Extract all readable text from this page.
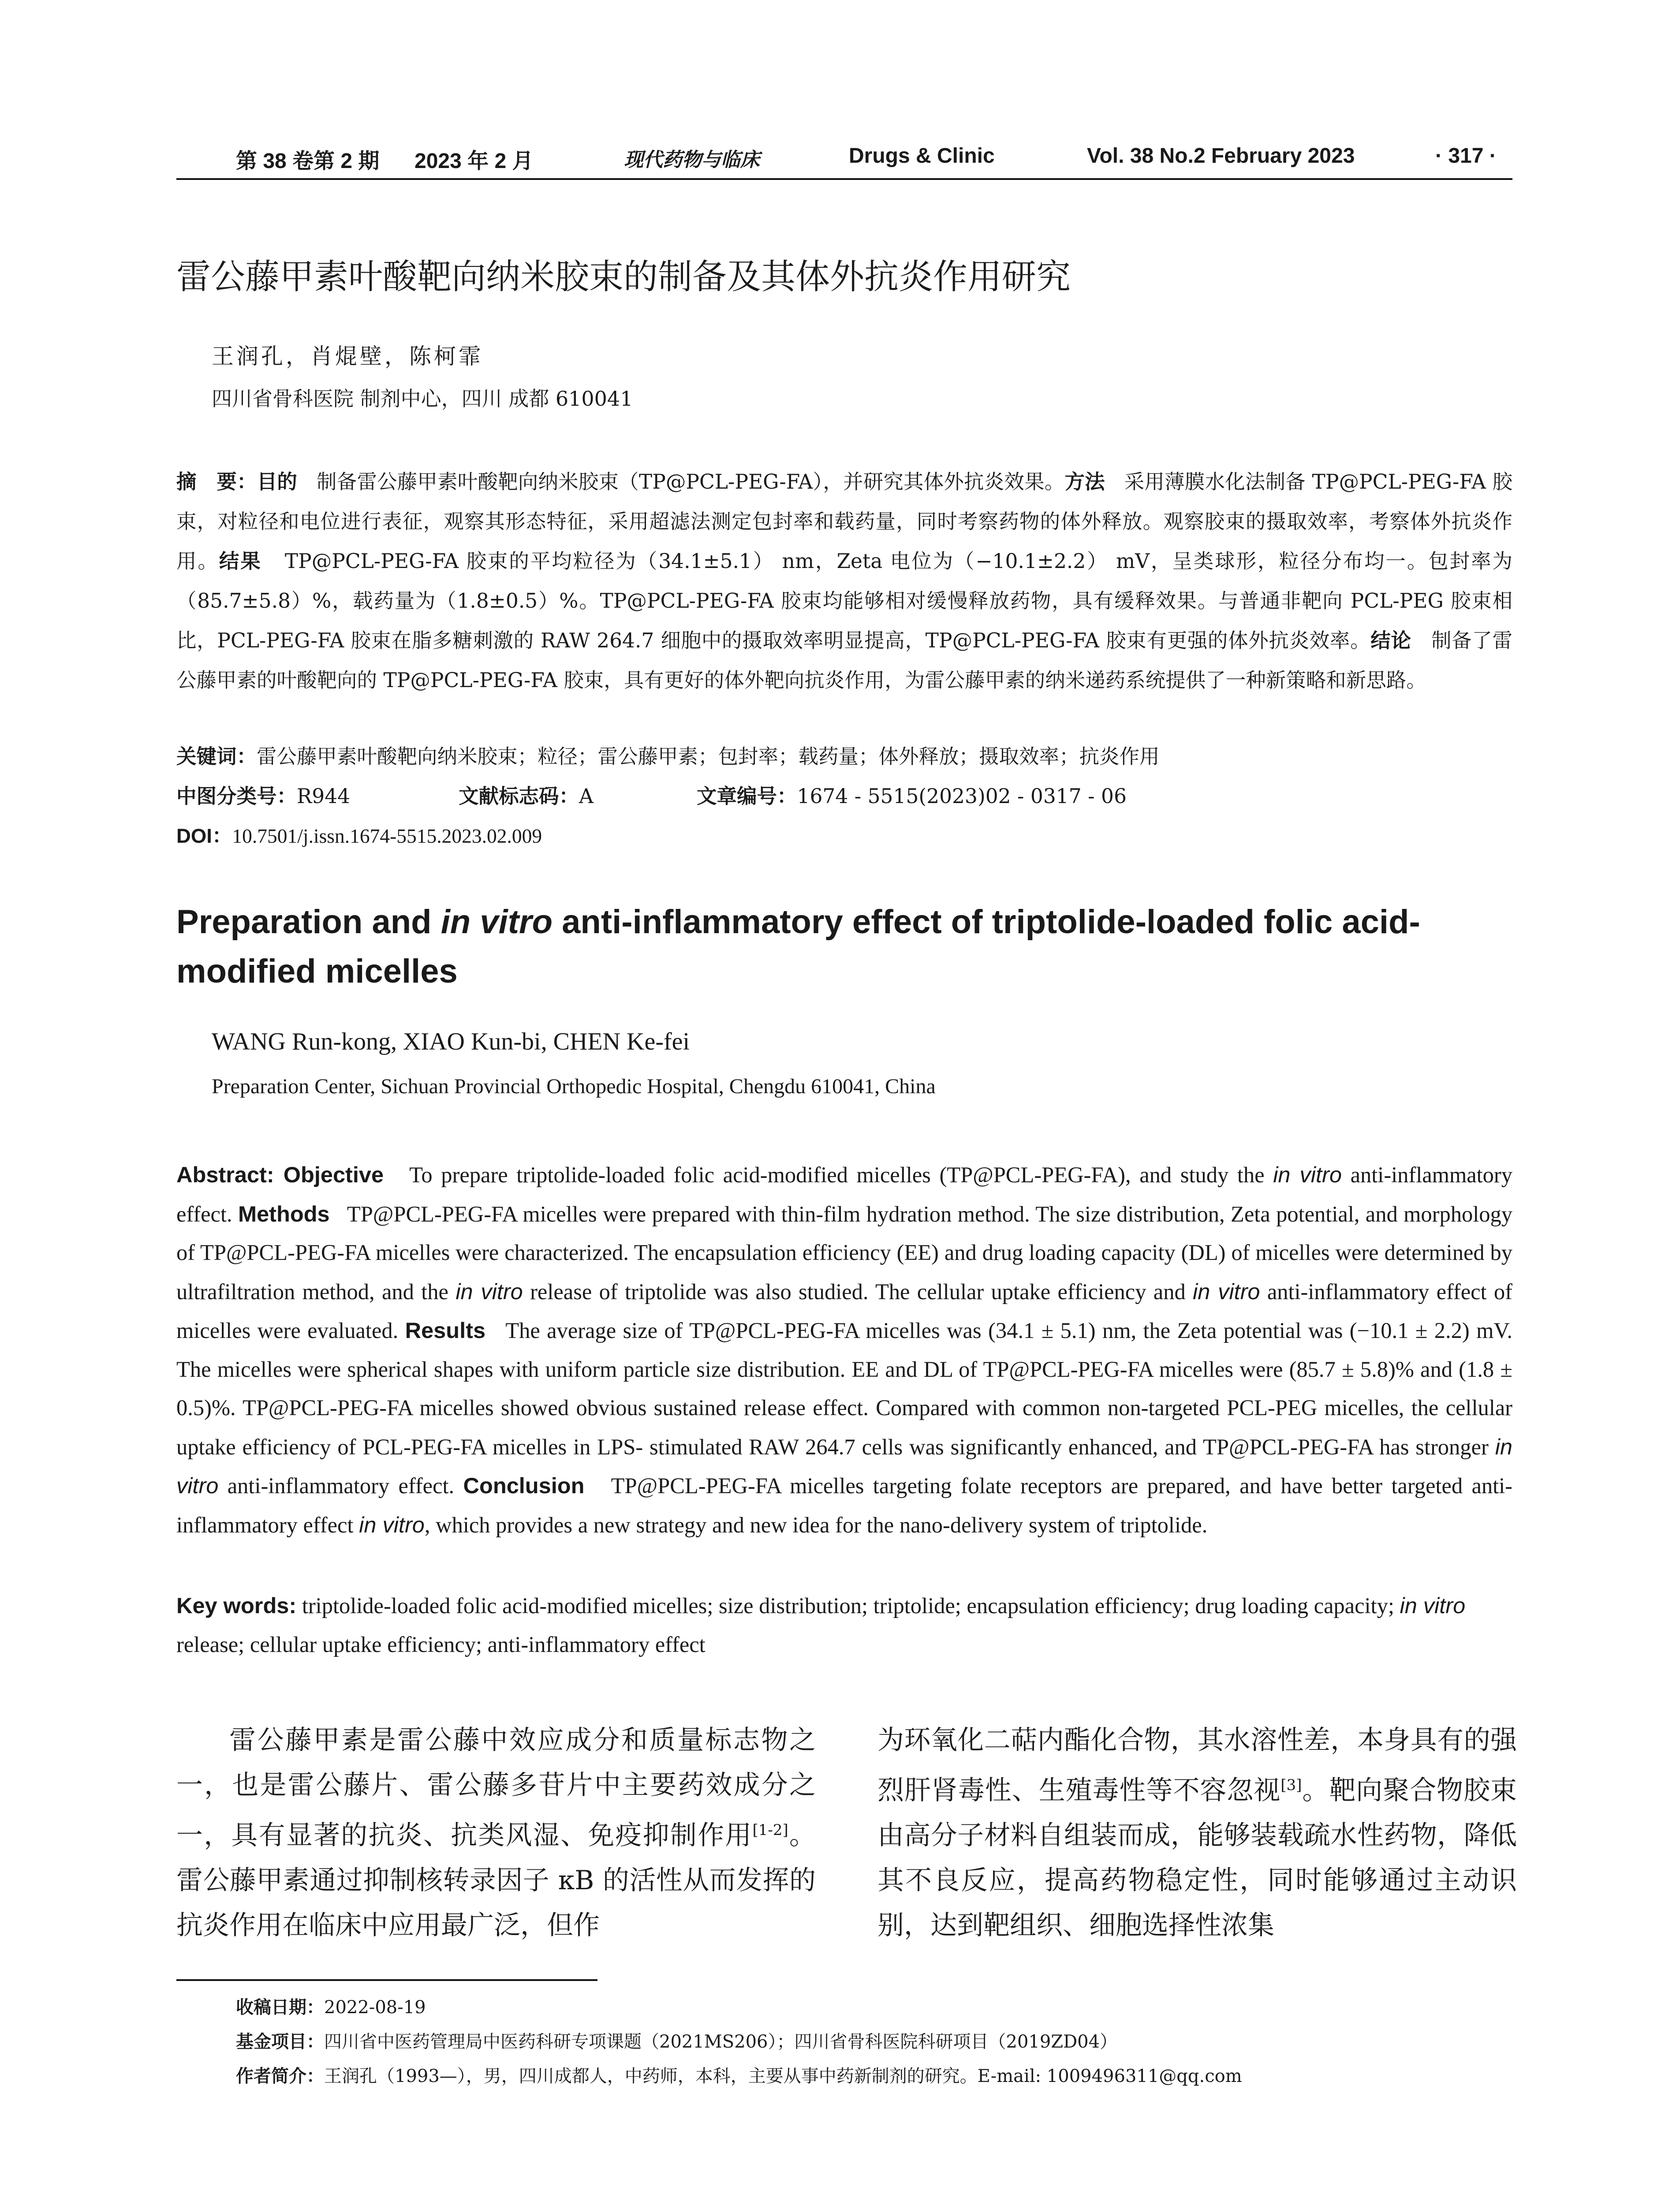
第 38 卷第 2 期 2023 年 2 月	现代药物与临床	Drugs & Clinic	Vol. 38 No.2 February 2023	· 317 ·
雷公藤甲素叶酸靶向纳米胶束的制备及其体外抗炎作用研究
王润孔，肖焜壁，陈柯霏
四川省骨科医院 制剂中心，四川 成都 610041
摘　要：目的 制备雷公藤甲素叶酸靶向纳米胶束（TP@PCL-PEG-FA），并研究其体外抗炎效果。方法 采用薄膜水化法制备 TP@PCL-PEG-FA 胶束，对粒径和电位进行表征，观察其形态特征，采用超滤法测定包封率和载药量，同时考察药物的体外释放。观察胶束的摄取效率，考察体外抗炎作用。结果 TP@PCL-PEG-FA 胶束的平均粒径为（34.1±5.1） nm，Zeta 电位为（−10.1±2.2） mV，呈类球形，粒径分布均一。包封率为（85.7±5.8）%，载药量为（1.8±0.5）%。TP@PCL-PEG-FA 胶束均能够相对缓慢释放药物，具有缓释效果。与普通非靶向 PCL-PEG 胶束相比，PCL-PEG-FA 胶束在脂多糖刺激的 RAW 264.7 细胞中的摄取效率明显提高，TP@PCL-PEG-FA 胶束有更强的体外抗炎效率。结论 制备了雷公藤甲素的叶酸靶向的 TP@PCL-PEG-FA 胶束，具有更好的体外靶向抗炎作用，为雷公藤甲素的纳米递药系统提供了一种新策略和新思路。
关键词：雷公藤甲素叶酸靶向纳米胶束；粒径；雷公藤甲素；包封率；载药量；体外释放；摄取效率；抗炎作用
中图分类号：R944	文献标志码：A	文章编号：1674 - 5515(2023)02 - 0317 - 06
DOI：10.7501/j.issn.1674-5515.2023.02.009
Preparation and in vitro anti-inflammatory effect of triptolide-loaded folic acid-modified micelles
WANG Run-kong, XIAO Kun-bi, CHEN Ke-fei
Preparation Center, Sichuan Provincial Orthopedic Hospital, Chengdu 610041, China
Abstract: Objective To prepare triptolide-loaded folic acid-modified micelles (TP@PCL-PEG-FA), and study the in vitro anti-inflammatory effect. Methods TP@PCL-PEG-FA micelles were prepared with thin-film hydration method. The size distribution, Zeta potential, and morphology of TP@PCL-PEG-FA micelles were characterized. The encapsulation efficiency (EE) and drug loading capacity (DL) of micelles were determined by ultrafiltration method, and the in vitro release of triptolide was also studied. The cellular uptake efficiency and in vitro anti-inflammatory effect of micelles were evaluated. Results The average size of TP@PCL-PEG-FA micelles was (34.1 ± 5.1) nm, the Zeta potential was (−10.1 ± 2.2) mV. The micelles were spherical shapes with uniform particle size distribution. EE and DL of TP@PCL-PEG-FA micelles were (85.7 ± 5.8)% and (1.8 ± 0.5)%. TP@PCL-PEG-FA micelles showed obvious sustained release effect. Compared with common non-targeted PCL-PEG micelles, the cellular uptake efficiency of PCL-PEG-FA micelles in LPS- stimulated RAW 264.7 cells was significantly enhanced, and TP@PCL-PEG-FA has stronger in vitro anti-inflammatory effect. Conclusion TP@PCL-PEG-FA micelles targeting folate receptors are prepared, and have better targeted anti-inflammatory effect in vitro, which provides a new strategy and new idea for the nano-delivery system of triptolide.
Key words: triptolide-loaded folic acid-modified micelles; size distribution; triptolide; encapsulation efficiency; drug loading capacity; in vitro release; cellular uptake efficiency; anti-inflammatory effect
雷公藤甲素是雷公藤中效应成分和质量标志物之一，也是雷公藤片、雷公藤多苷片中主要药效成分之一，具有显著的抗炎、抗类风湿、免疫抑制作用[1-2]。雷公藤甲素通过抑制核转录因子 κB 的活性从而发挥的抗炎作用在临床中应用最广泛，但作
为环氧化二萜内酯化合物，其水溶性差，本身具有的强烈肝肾毒性、生殖毒性等不容忽视[3]。靶向聚合物胶束由高分子材料自组装而成，能够装载疏水性药物，降低其不良反应，提高药物稳定性，同时能够通过主动识别，达到靶组织、细胞选择性浓集
收稿日期：2022-08-19
基金项目：四川省中医药管理局中医药科研专项课题（2021MS206）；四川省骨科医院科研项目（2019ZD04）
作者简介：王润孔（1993—），男，四川成都人，中药师，本科，主要从事中药新制剂的研究。E-mail: 1009496311@qq.com
